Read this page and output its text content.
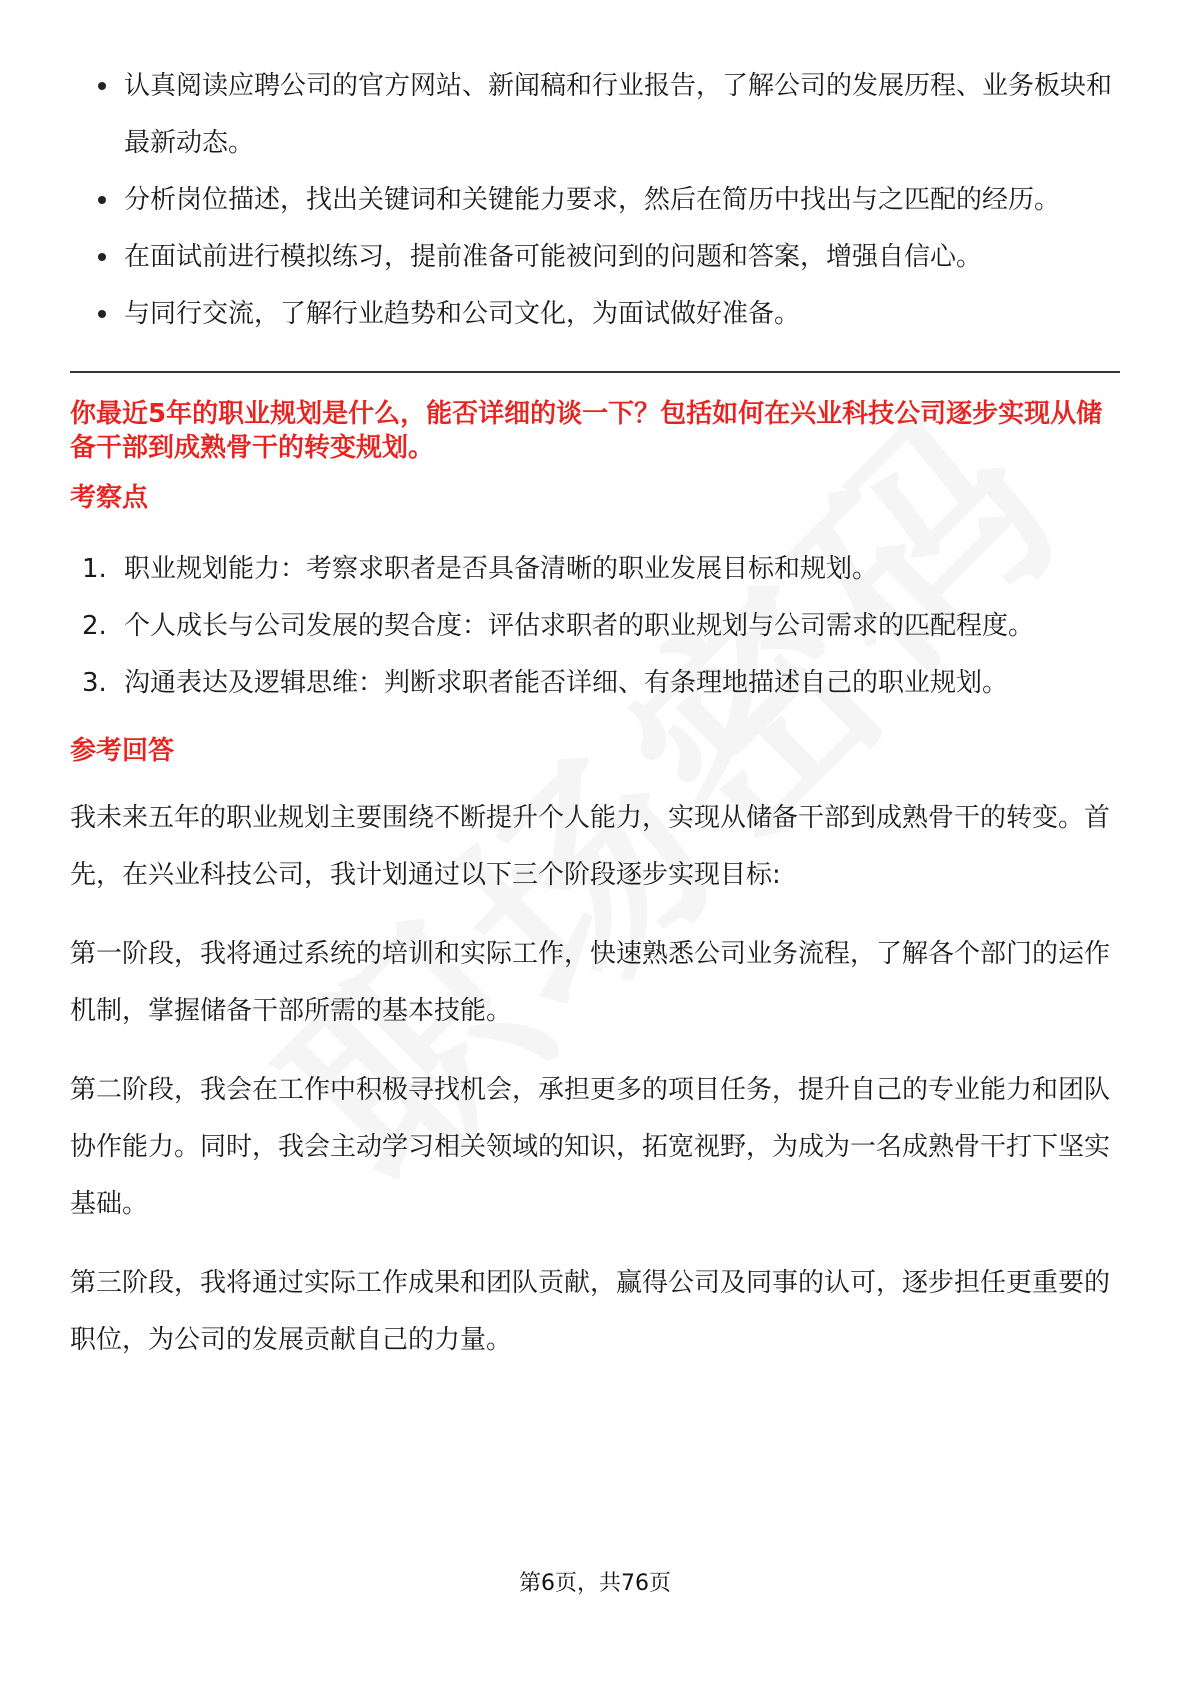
认真阅读应聘公司的官方网站、新闻稿和行业报告，了解公司的发展历程、业务板块和最新动态。
分析岗位描述，找出关键词和关键能力要求，然后在简历中找出与之匹配的经历。
在面试前进行模拟练习，提前准备可能被问到的问题和答案，增强自信心。
与同行交流，了解行业趋势和公司文化，为面试做好准备。
你最近5年的职业规划是什么，能否详细的谈一下？包括如何在兴业科技公司逐步实现从储备干部到成熟骨干的转变规划。
考察点
1. 职业规划能力：考察求职者是否具备清晰的职业发展目标和规划。
2. 个人成长与公司发展的契合度：评估求职者的职业规划与公司需求的匹配程度。
3. 沟通表达及逻辑思维：判断求职者能否详细、有条理地描述自己的职业规划。
参考回答

我未来五年的职业规划主要围绕不断提升个人能力，实现从储备干部到成熟骨干的转变。首先，在兴业科技公司，我计划通过以下三个阶段逐步实现目标:

第一阶段，我将通过系统的培训和实际工作，快速熟悉公司业务流程，了解各个部门的运作机制，掌握储备干部所需的基本技能。

第二阶段，我会在工作中积极寻找机会，承担更多的项目任务，提升自己的专业能力和团队协作能力。同时，我会主动学习相关领域的知识，拓宽视野，为成为一名成熟骨干打下坚实基础。

第三阶段，我将通过实际工作成果和团队贡献，赢得公司及同事的认可，逐步担任更重要的职位，为公司的发展贡献自己的力量。

第6页，共76页
